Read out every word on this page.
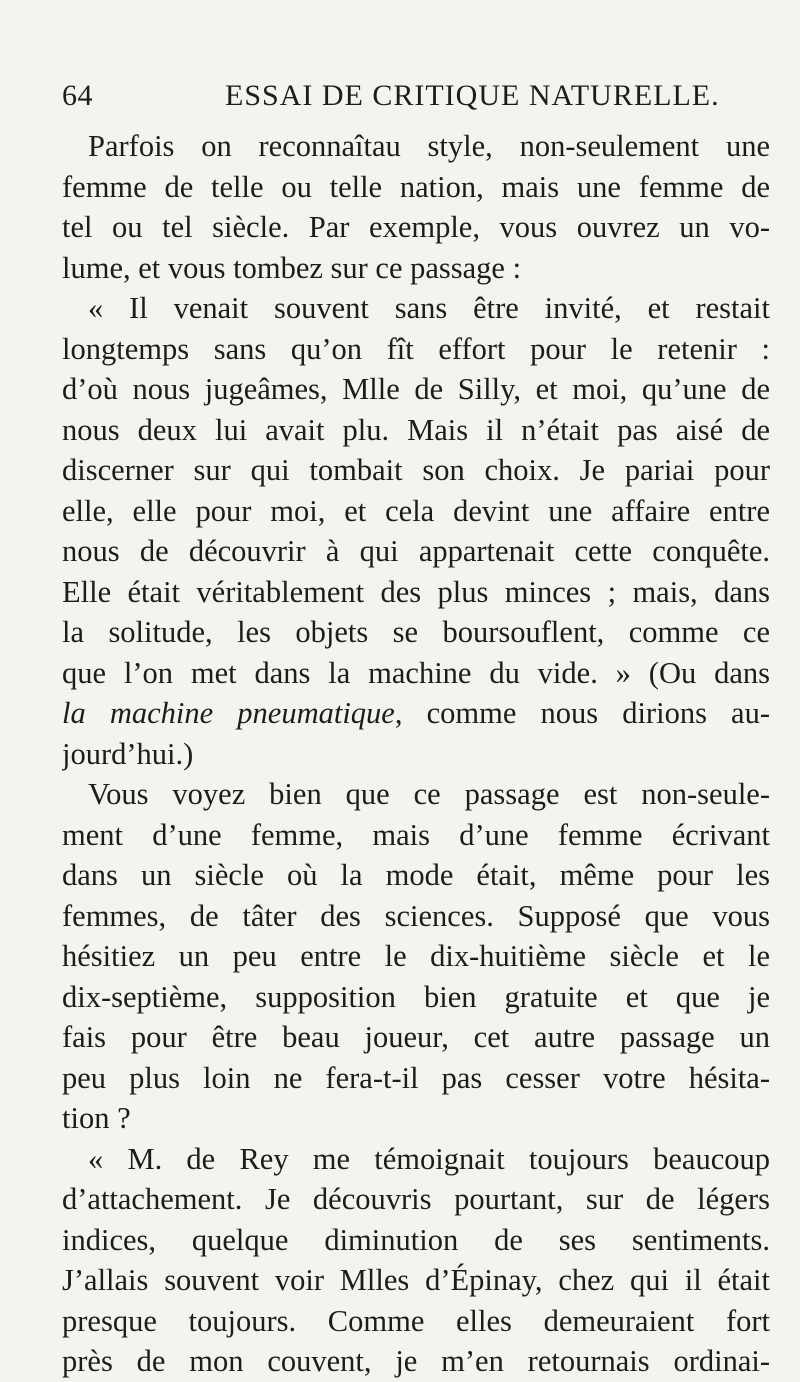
64	ESSAI DE CRITIQUE NATURELLE.
Parfois on reconnaîtau style, non-seulement une
femme de telle ou telle nation, mais une femme de
tel ou tel siècle. Par exemple, vous ouvrez un vo-
lume, et vous tombez sur ce passage :
« Il venait souvent sans être invité, et restait
longtemps sans qu’on fît effort pour le retenir :
d’où nous jugeâmes, Mlle de Silly, et moi, qu’une de
nous deux lui avait plu. Mais il n’était pas aisé de
discerner sur qui tombait son choix. Je pariai pour
elle, elle pour moi, et cela devint une affaire entre
nous de découvrir à qui appartenait cette conquête.
Elle était véritablement des plus minces ; mais, dans
la solitude, les objets se boursouflent, comme ce
que l’on met dans la machine du vide. » (Ou dans
la machine pneumatique, comme nous dirions au-
jourd’hui.)
Vous voyez bien que ce passage est non-seule-
ment d’une femme, mais d’une femme écrivant
dans un siècle où la mode était, même pour les
femmes, de tâter des sciences. Supposé que vous
hésitiez un peu entre le dix-huitième siècle et le
dix-septième, supposition bien gratuite et que je
fais pour être beau joueur, cet autre passage un
peu plus loin ne fera-t-il pas cesser votre hésita-
tion ?
« M. de Rey me témoignait toujours beaucoup
d’attachement. Je découvris pourtant, sur de légers
indices, quelque diminution de ses sentiments.
J’allais souvent voir Mlles d’Épinay, chez qui il était
presque toujours. Comme elles demeuraient fort
près de mon couvent, je m’en retournais ordinai-
